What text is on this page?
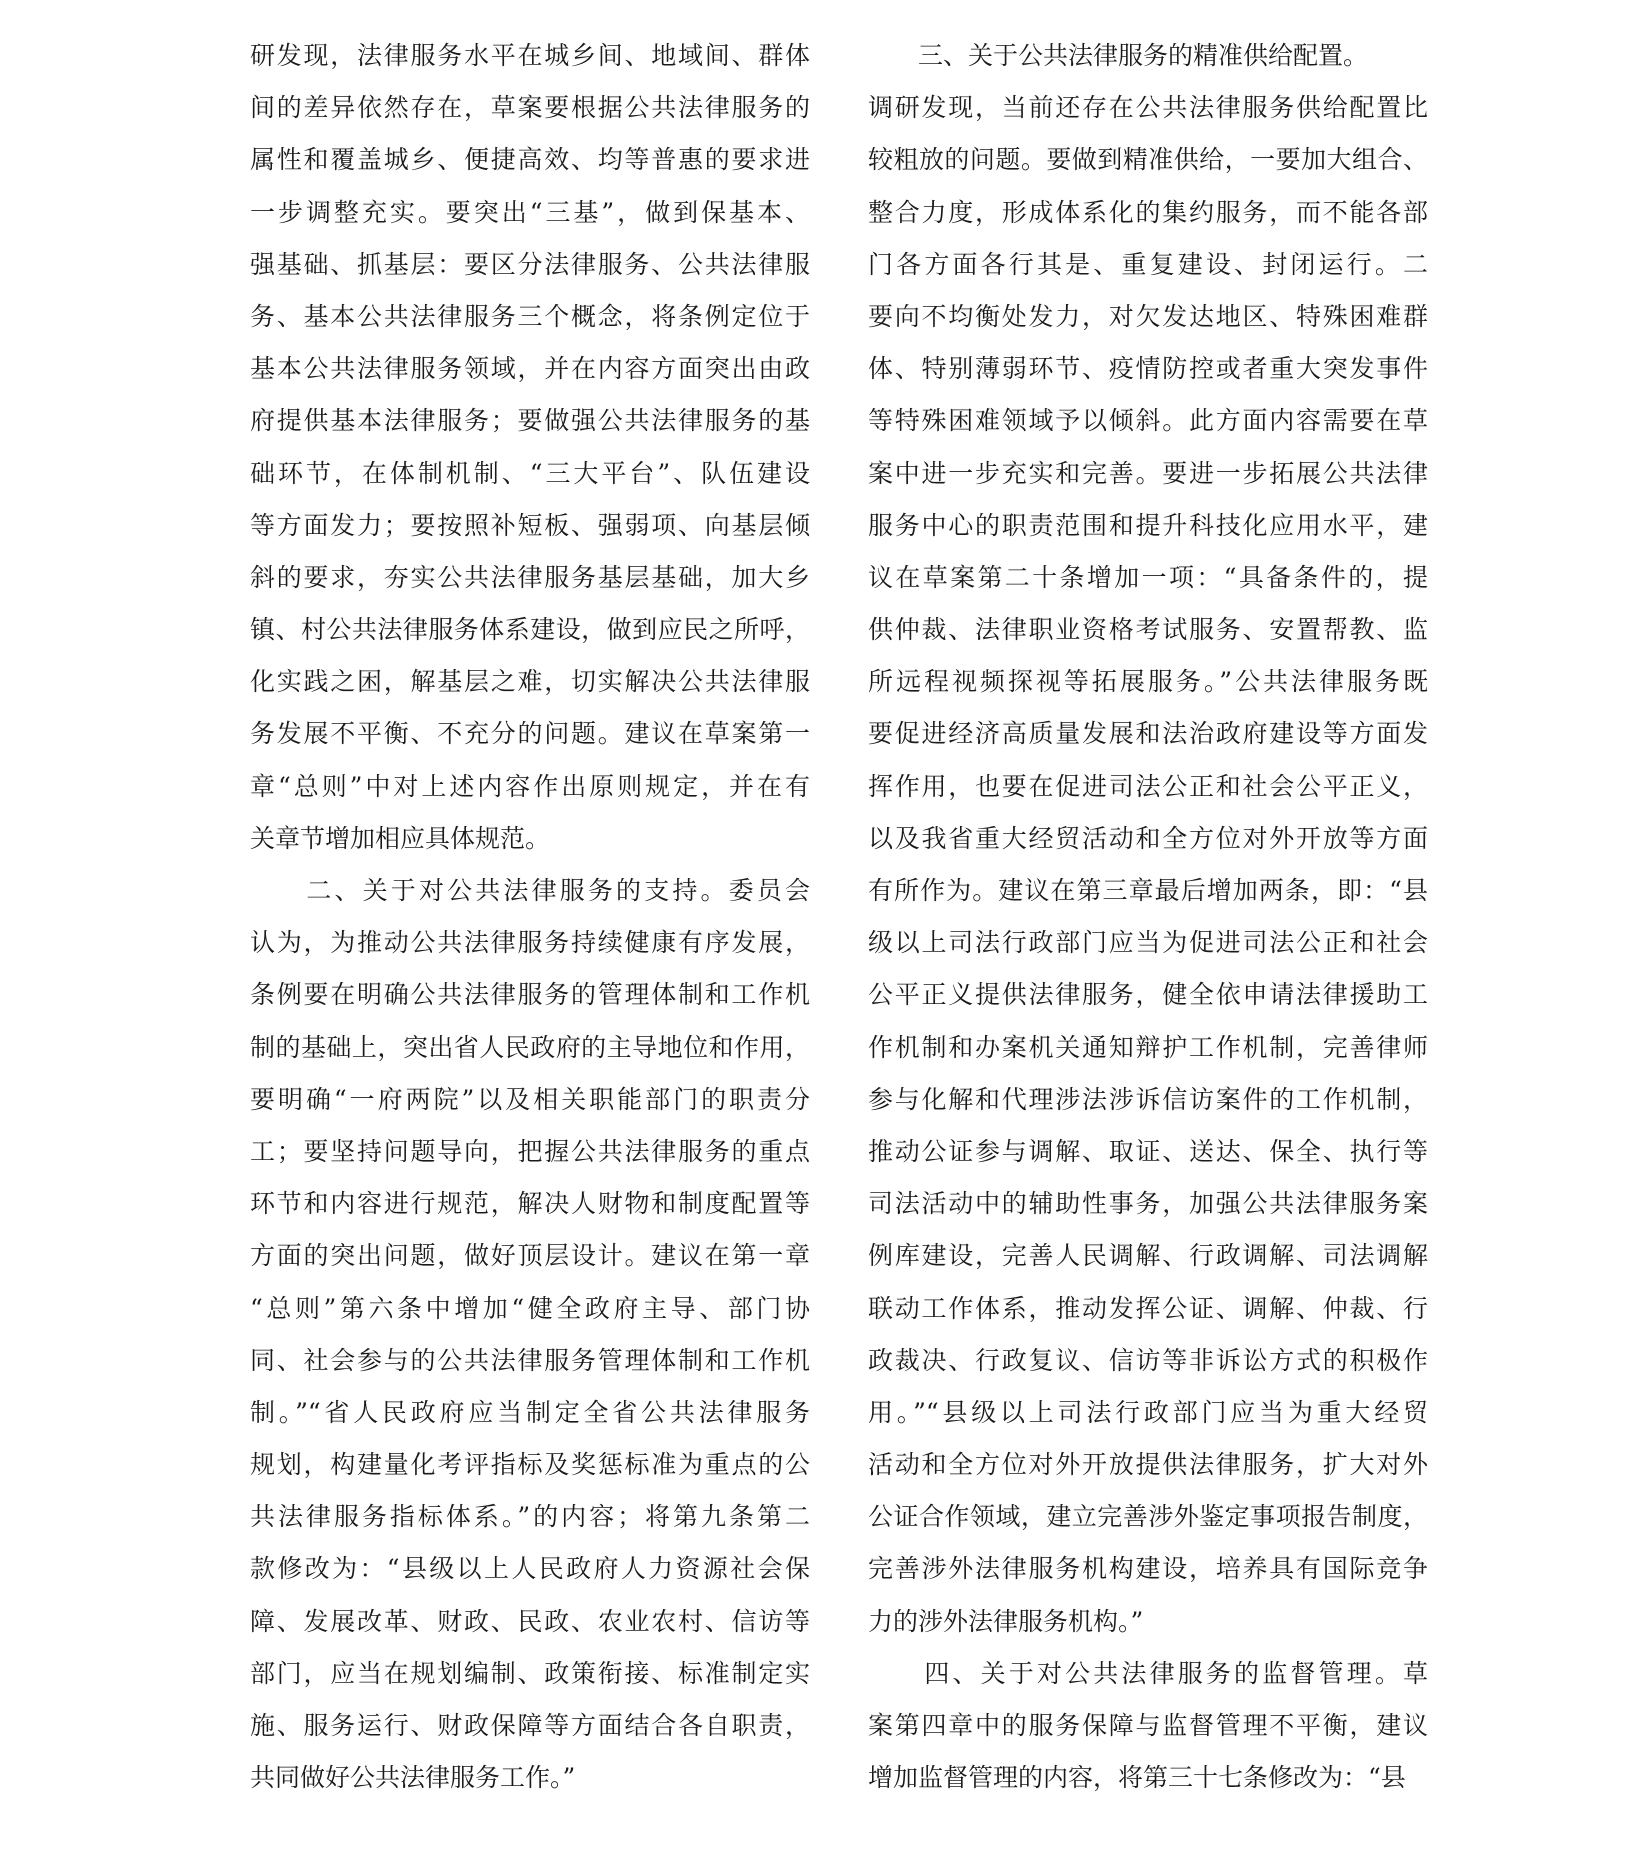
研发现，法律服务水平在城乡间、地域间、群体
间的差异依然存在，草案要根据公共法律服务的
属性和覆盖城乡、便捷高效、均等普惠的要求进
一步调整充实。要突出“三基”，做到保基本、
强基础、抓基层：要区分法律服务、公共法律服
务、基本公共法律服务三个概念，将条例定位于
基本公共法律服务领域，并在内容方面突出由政
府提供基本法律服务；要做强公共法律服务的基
础环节，在体制机制、“三大平台”、队伍建设
等方面发力；要按照补短板、强弱项、向基层倾
斜的要求，夯实公共法律服务基层基础，加大乡
镇、村公共法律服务体系建设，做到应民之所呼，
化实践之困，解基层之难，切实解决公共法律服
务发展不平衡、不充分的问题。建议在草案第一
章“总则”中对上述内容作出原则规定，并在有
关章节增加相应具体规范。
　　二、关于对公共法律服务的支持。委员会
认为，为推动公共法律服务持续健康有序发展，
条例要在明确公共法律服务的管理体制和工作机
制的基础上，突出省人民政府的主导地位和作用，
要明确“一府两院”以及相关职能部门的职责分
工；要坚持问题导向，把握公共法律服务的重点
环节和内容进行规范，解决人财物和制度配置等
方面的突出问题，做好顶层设计。建议在第一章
“总则”第六条中增加“健全政府主导、部门协
同、社会参与的公共法律服务管理体制和工作机
制。”“省人民政府应当制定全省公共法律服务
规划，构建量化考评指标及奖惩标准为重点的公
共法律服务指标体系。”的内容；将第九条第二
款修改为：“县级以上人民政府人力资源社会保
障、发展改革、财政、民政、农业农村、信访等
部门，应当在规划编制、政策衔接、标准制定实
施、服务运行、财政保障等方面结合各自职责，
共同做好公共法律服务工作。”
　　三、关于公共法律服务的精准供给配置。
调研发现，当前还存在公共法律服务供给配置比
较粗放的问题。要做到精准供给，一要加大组合、
整合力度，形成体系化的集约服务，而不能各部
门各方面各行其是、重复建设、封闭运行。二
要向不均衡处发力，对欠发达地区、特殊困难群
体、特别薄弱环节、疫情防控或者重大突发事件
等特殊困难领域予以倾斜。此方面内容需要在草
案中进一步充实和完善。要进一步拓展公共法律
服务中心的职责范围和提升科技化应用水平，建
议在草案第二十条增加一项：“具备条件的，提
供仲裁、法律职业资格考试服务、安置帮教、监
所远程视频探视等拓展服务。”公共法律服务既
要促进经济高质量发展和法治政府建设等方面发
挥作用，也要在促进司法公正和社会公平正义，
以及我省重大经贸活动和全方位对外开放等方面
有所作为。建议在第三章最后增加两条，即：“县
级以上司法行政部门应当为促进司法公正和社会
公平正义提供法律服务，健全依申请法律援助工
作机制和办案机关通知辩护工作机制，完善律师
参与化解和代理涉法涉诉信访案件的工作机制，
推动公证参与调解、取证、送达、保全、执行等
司法活动中的辅助性事务，加强公共法律服务案
例库建设，完善人民调解、行政调解、司法调解
联动工作体系，推动发挥公证、调解、仲裁、行
政裁决、行政复议、信访等非诉讼方式的积极作
用。”“县级以上司法行政部门应当为重大经贸
活动和全方位对外开放提供法律服务，扩大对外
公证合作领域，建立完善涉外鉴定事项报告制度，
完善涉外法律服务机构建设，培养具有国际竞争
力的涉外法律服务机构。”
　　四、关于对公共法律服务的监督管理。草
案第四章中的服务保障与监督管理不平衡，建议
增加监督管理的内容，将第三十七条修改为：“县
